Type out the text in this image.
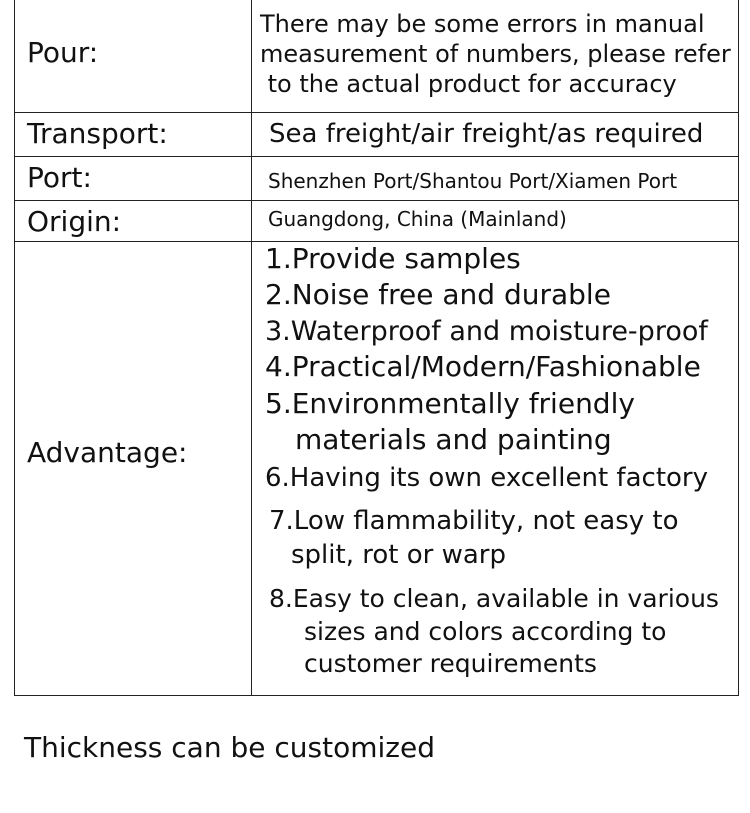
Pour:
There may be some errors in manual
measurement of numbers, please refer
to the actual product for accuracy
Transport:	Sea freight/air freight/as required
Port:	Shenzhen Port/Shantou Port/Xiamen Port
Origin:	Guangdong, China (Mainland)
Advantage:
1.Provide samples
2.Noise free and durable
3.Waterproof and moisture-proof
4.Practical/Modern/Fashionable
5.Environmentally friendly
materials and painting
6.Having its own excellent factory
7.Low flammability, not easy to
split, rot or warp
8.Easy to clean, available in various
sizes and colors according to
customer requirements
Thickness can be customized
